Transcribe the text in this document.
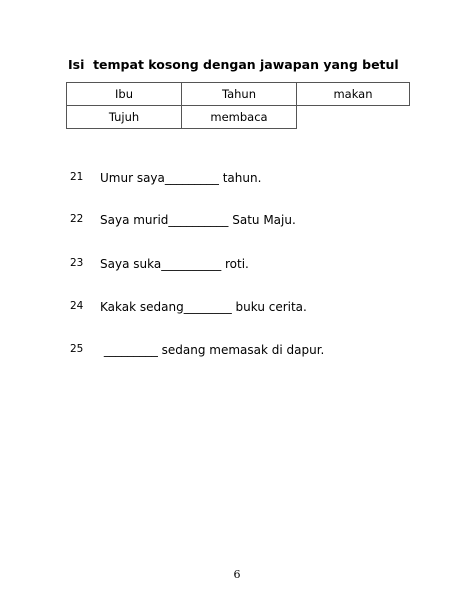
Isi  tempat kosong dengan jawapan yang betul
Ibu	Tahun	makan
Tujuh	membaca
21 Umur saya_________ tahun.
22 Saya murid__________ Satu Maju.
23 Saya suka__________ roti.
24 Kakak sedang________ buku cerita.
25 _________ sedang memasak di dapur.
6
